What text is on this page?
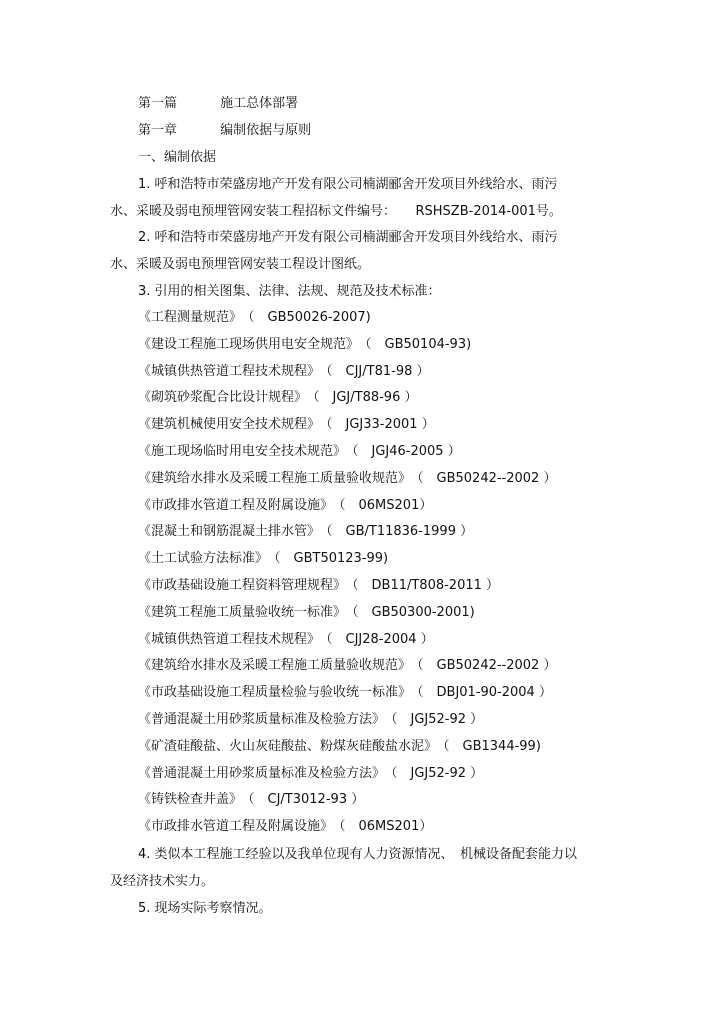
第一篇	施工总体部署
第一章	编制依据与原则
一、编制依据
1. 呼和浩特市荣盛房地产开发有限公司楠湖郦舍开发项目外线给水、雨污
水、采暖及弱电预埋管网安装工程招标文件编号：　　RSHSZB-2014-001号。
2. 呼和浩特市荣盛房地产开发有限公司楠湖郦舍开发项目外线给水、雨污
水、采暖及弱电预埋管网安装工程设计图纸。
3. 引用的相关图集、法律、法规、规范及技术标准：
《工程测量规范》 （　GB50026-2007)
《建设工程施工现场供用电安全规范》 （　GB50104-93)
《城镇供热管道工程技术规程》 （　CJJ/T81-98 ）
《砌筑砂浆配合比设计规程》 （　JGJ/T88-96 ）
《建筑机械使用安全技术规程》 （　JGJ33-2001 ）
《施工现场临时用电安全技术规范》 （　JGJ46-2005 ）
《建筑给水排水及采暖工程施工质量验收规范》 （　GB50242--2002 ）
《市政排水管道工程及附属设施》 （　06MS201）
《混凝土和钢筋混凝土排水管》 （　GB/T11836-1999 ）
《土工试验方法标准》 （　GBT50123-99)
《市政基础设施工程资料管理规程》 （　DB11/T808-2011 ）
《建筑工程施工质量验收统一标准》 （　GB50300-2001)
《城镇供热管道工程技术规程》 （　CJJ28-2004 ）
《建筑给水排水及采暖工程施工质量验收规范》 （　GB50242--2002 ）
《市政基础设施工程质量检验与验收统一标准》 （　DBJ01-90-2004 ）
《普通混凝土用砂浆质量标准及检验方法》 （　JGJ52-92 ）
《矿渣硅酸盐、火山灰硅酸盐、粉煤灰硅酸盐水泥》 （　GB1344-99)
《普通混凝土用砂浆质量标准及检验方法》 （　JGJ52-92 ）
《铸铁检查井盖》 （　CJ/T3012-93 ）
《市政排水管道工程及附属设施》 （　06MS201）
4. 类似本工程施工经验以及我单位现有人力资源情况、　机械设备配套能力以
及经济技术实力。
5. 现场实际考察情况。
